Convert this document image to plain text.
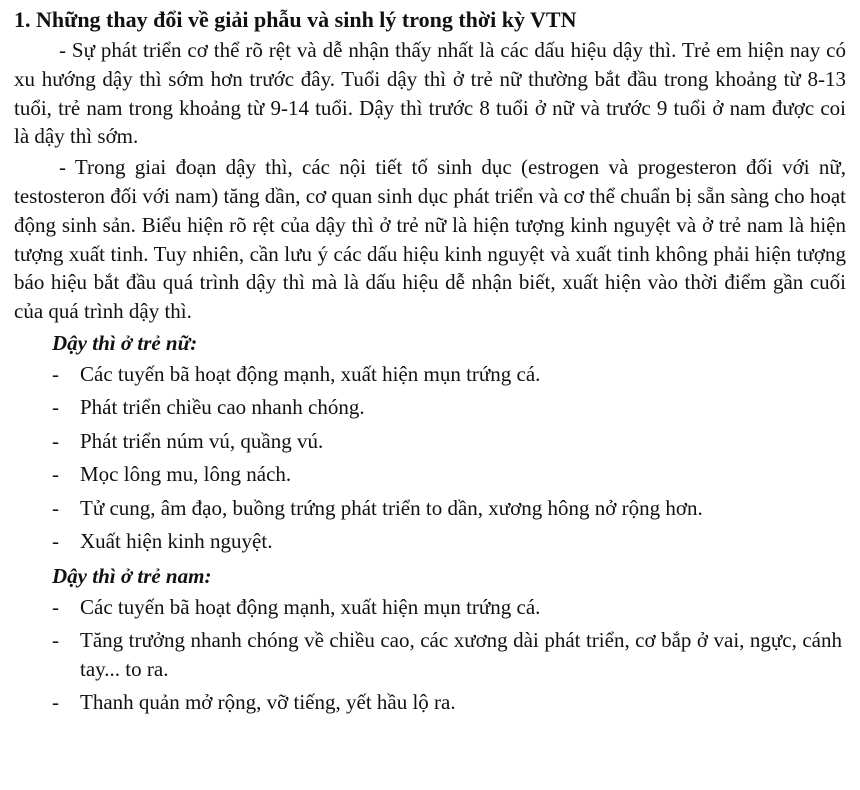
1. Những thay đổi về giải phẫu và sinh lý trong thời kỳ VTN

- Sự phát triển cơ thể rõ rệt và dễ nhận thấy nhất là các dấu hiệu dậy thì. Trẻ em hiện nay có xu hướng dậy thì sớm hơn trước đây. Tuổi dậy thì ở trẻ nữ thường bắt đầu trong khoảng từ 8-13 tuổi, trẻ nam trong khoảng từ 9-14 tuổi. Dậy thì trước 8 tuổi ở nữ và trước 9 tuổi ở nam được coi là dậy thì sớm.

- Trong giai đoạn dậy thì, các nội tiết tố sinh dục (estrogen và progesteron đối với nữ, testosteron đối với nam) tăng dần, cơ quan sinh dục phát triển và cơ thể chuẩn bị sẵn sàng cho hoạt động sinh sản. Biểu hiện rõ rệt của dậy thì ở trẻ nữ là hiện tượng kinh nguyệt và ở trẻ nam là hiện tượng xuất tinh. Tuy nhiên, cần lưu ý các dấu hiệu kinh nguyệt và xuất tinh không phải hiện tượng báo hiệu bắt đầu quá trình dậy thì mà là dấu hiệu dễ nhận biết, xuất hiện vào thời điểm gần cuối của quá trình dậy thì.

Dậy thì ở trẻ nữ:
- Các tuyến bã hoạt động mạnh, xuất hiện mụn trứng cá.
- Phát triển chiều cao nhanh chóng.
- Phát triển núm vú, quầng vú.
- Mọc lông mu, lông nách.
- Tử cung, âm đạo, buồng trứng phát triển to dần, xương hông nở rộng hơn.
- Xuất hiện kinh nguyệt.
Dậy thì ở trẻ nam:
- Các tuyến bã hoạt động mạnh, xuất hiện mụn trứng cá.
- Tăng trưởng nhanh chóng về chiều cao, các xương dài phát triển, cơ bắp ở vai, ngực, cánh tay... to ra.
- Thanh quản mở rộng, vỡ tiếng, yết hầu lộ ra.
